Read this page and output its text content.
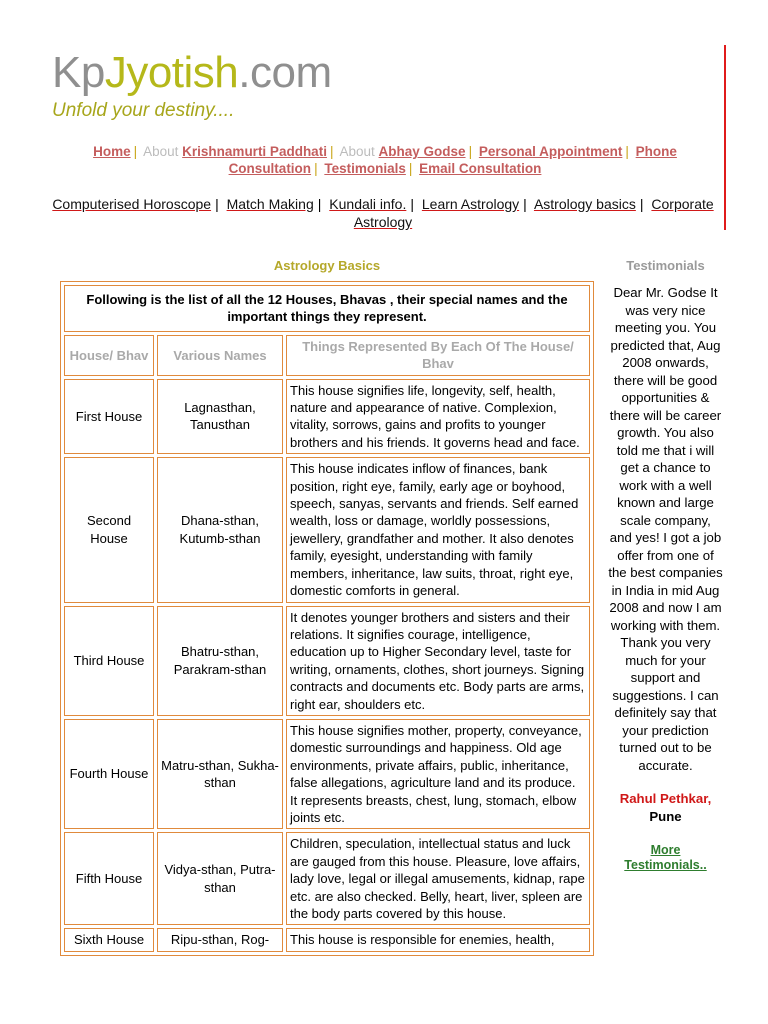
KpJyotish.com
Unfold your destiny....
Home | About Krishnamurti Paddhati | About Abhay Godse | Personal Appointment | Phone Consultation | Testimonials | Email Consultation
Computerised Horoscope | Match Making | Kundali info. | Learn Astrology | Astrology basics | Corporate Astrology
Astrology Basics	Testimonials
Following is the list of all the 12 Houses, Bhavas , their special names and the important things they represent.		
House/ Bhav	Various Names	Things Represented By Each Of The House/ Bhav
First House	Lagnasthan, Tanusthan	This house signifies life, longevity, self, health, nature and appearance of native. Complexion, vitality, sorrows, gains and profits to younger brothers and his friends. It governs head and face.
Second House	Dhana-sthan, Kutumb-sthan	This house indicates inflow of finances, bank position, right eye, family, early age or boyhood, speech, sanyas, servants and friends. Self earned wealth, loss or damage, worldly possessions, jewellery, grandfather and mother. It also denotes family, eyesight, understanding with family members, inheritance, law suits, throat, right eye, domestic comforts in general.
Third House	Bhatru-sthan, Parakram-sthan	It denotes younger brothers and sisters and their relations. It signifies courage, intelligence, education up to Higher Secondary level, taste for writing, ornaments, clothes, short journeys. Signing contracts and documents etc. Body parts are arms, right ear, shoulders etc.
Fourth House	Matru-sthan, Sukha-sthan	This house signifies mother, property, conveyance, domestic surroundings and happiness. Old age environments, private affairs, public, inheritance, false allegations, agriculture land and its produce. It represents breasts, chest, lung, stomach, elbow joints etc.
Fifth House	Vidya-sthan, Putra-sthan	Children, speculation, intellectual status and luck are gauged from this house. Pleasure, love affairs, lady love, legal or illegal amusements, kidnap, rape etc. are also checked. Belly, heart, liver, spleen are the body parts covered by this house.
Sixth House	Ripu-sthan, Rog-	This house is responsible for enemies, health,
Dear Mr. Godse It was very nice meeting you. You predicted that, Aug 2008 onwards, there will be good opportunities & there will be career growth. You also told me that i will get a chance to work with a well known and large scale company, and yes! I got a job offer from one of the best companies in India in mid Aug 2008 and now I am working with them. Thank you very much for your support and suggestions. I can definitely say that your prediction turned out to be accurate.
Rahul Pethkar,
Pune
More Testimonials..
